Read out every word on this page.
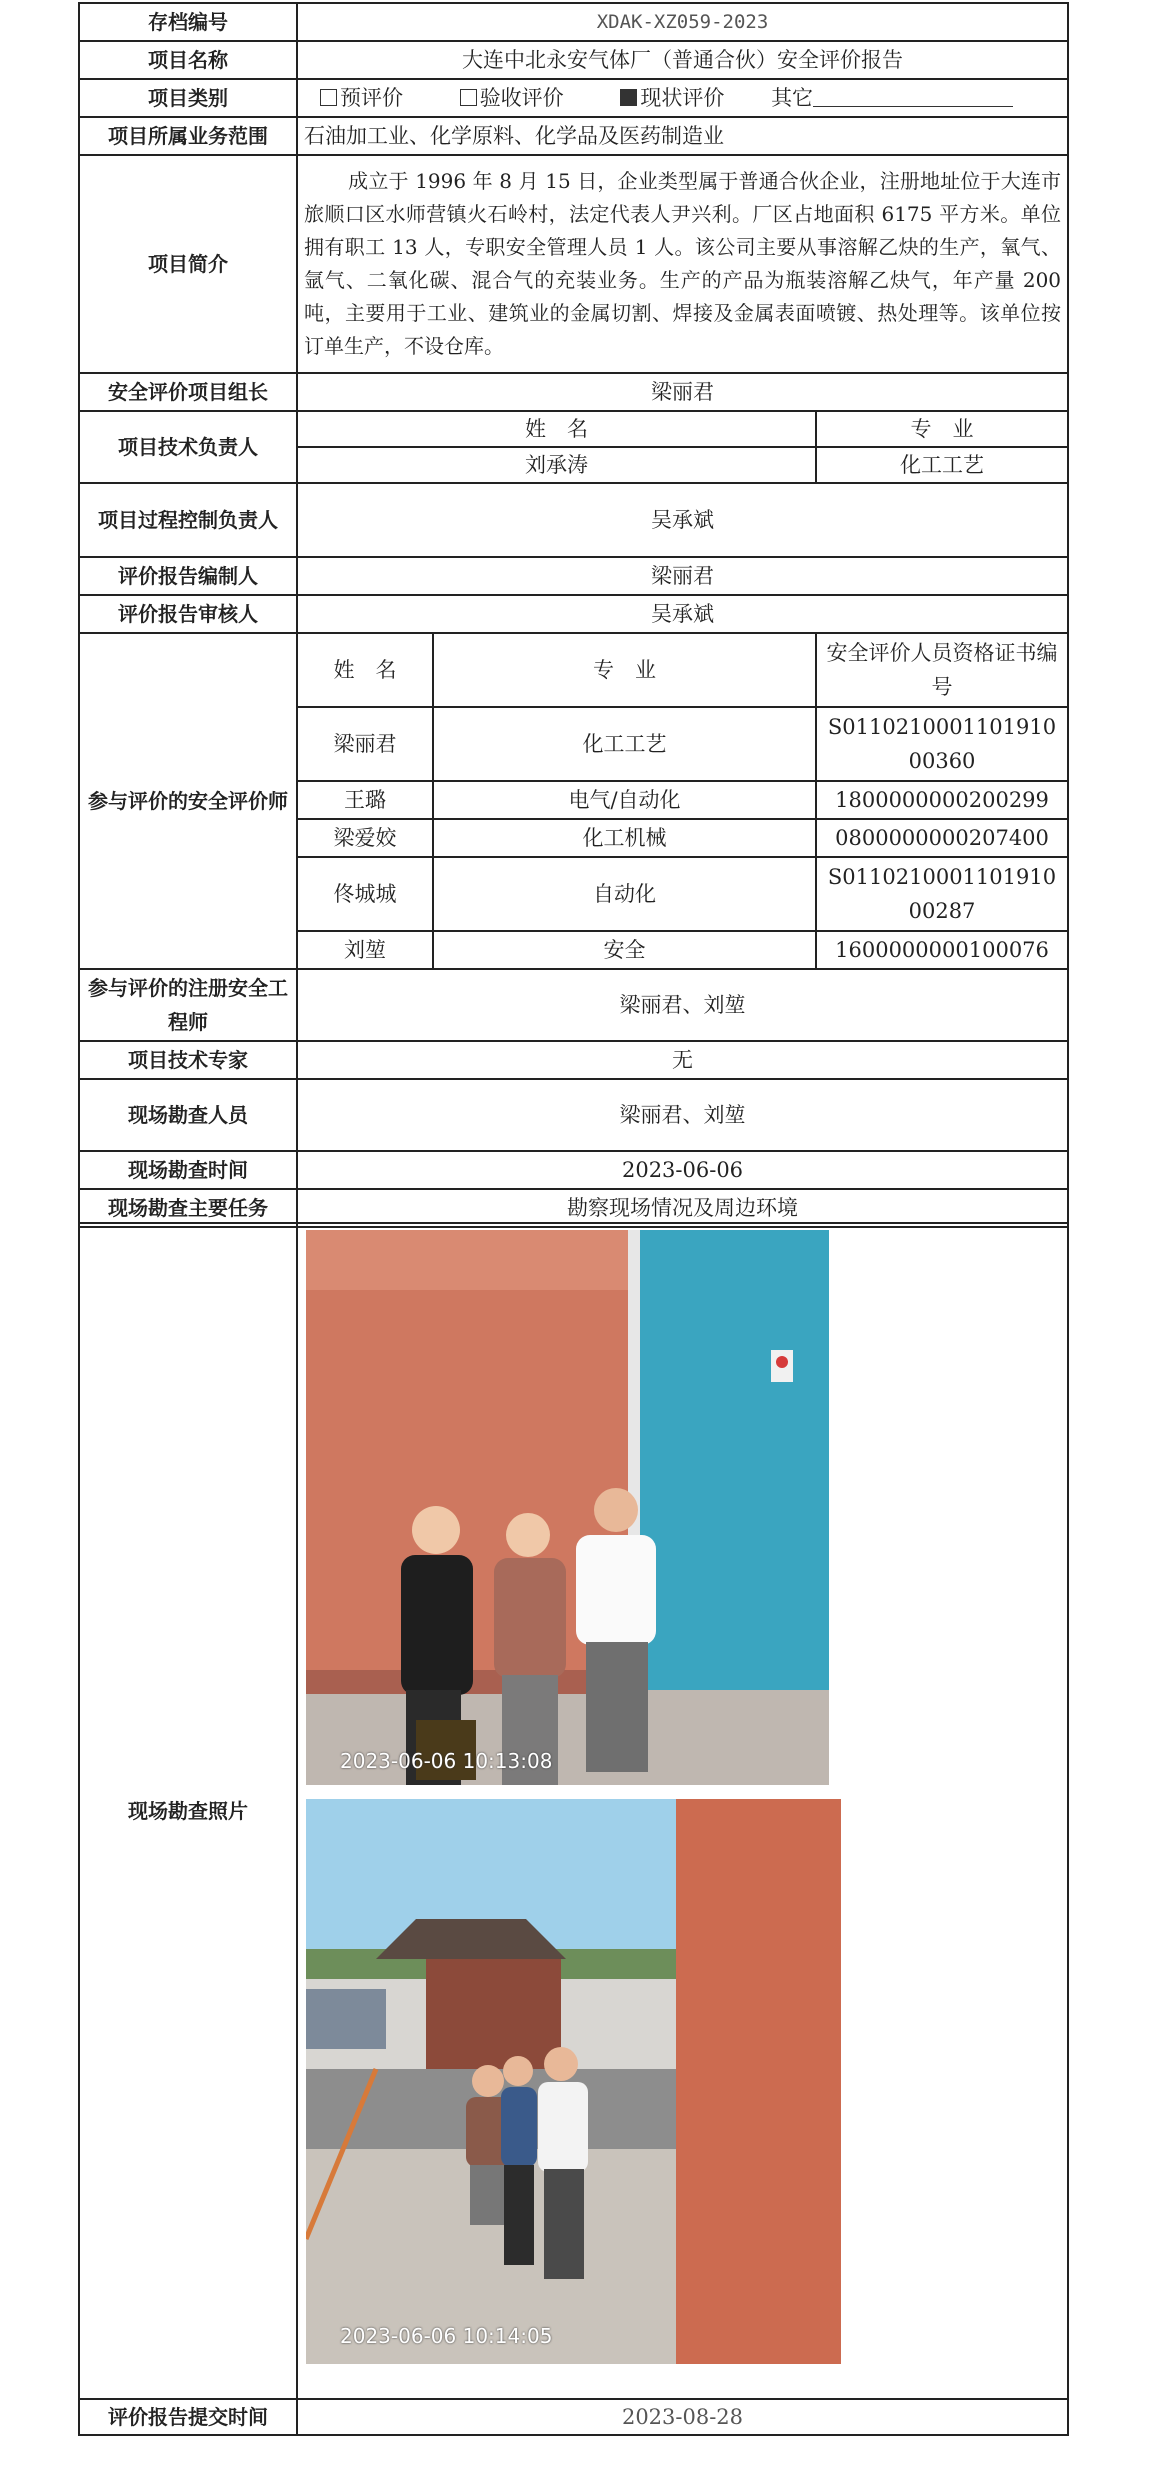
存档编号	XDAK-XZ059-2023		
项目名称	大连中北永安气体厂（普通合伙）安全评价报告		
项目类别	预评价 验收评价 现状评价 其它		
项目所属业务范围	石油加工业、化学原料、化学品及医药制造业		
项目简介	成立于 1996 年 8 月 15 日，企业类型属于普通合伙企业，注册地址位于大连市旅顺口区水师营镇火石岭村，法定代表人尹兴利。厂区占地面积 6175 平方米。单位拥有职工 13 人，专职安全管理人员 1 人。该公司主要从事溶解乙炔的生产，氧气、氩气、二氧化碳、混合气的充装业务。生产的产品为瓶装溶解乙炔气，年产量 200 吨，主要用于工业、建筑业的金属切割、焊接及金属表面喷镀、热处理等。该单位按订单生产，不设仓库。		
安全评价项目组长	梁丽君		
项目技术负责人	姓　名		专　业
	刘承涛		化工工艺
项目过程控制负责人	吴承斌		
评价报告编制人	梁丽君		
评价报告审核人	吴承斌		
参与评价的安全评价师	姓　名	专　业	安全评价人员资格证书编号
	梁丽君	化工工艺	S011021000110191000360
	王璐	电气/自动化	1800000000200299
	梁爱姣	化工机械	0800000000207400
	佟城城	自动化	S011021000110191000287
	刘堃	安全	1600000000100076
参与评价的注册安全工程师	梁丽君、刘堃		
项目技术专家	无		
现场勘查人员	梁丽君、刘堃		
现场勘查时间	2023-06-06		
现场勘查主要任务	勘察现场情况及周边环境		
现场勘查照片	2023-06-06 10:13:08
2023-06-06 10:14:05

评价报告提交时间	2023-08-28
